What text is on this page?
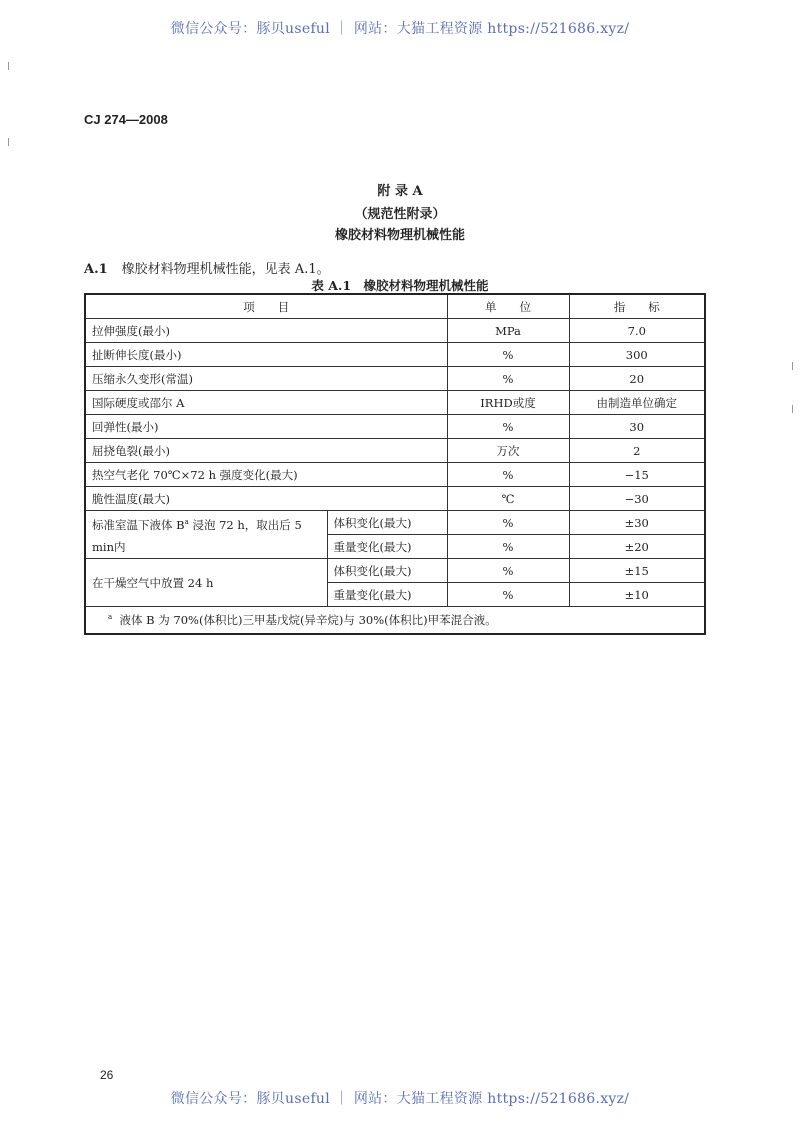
微信公众号：豚贝useful ｜ 网站：大猫工程资源 https://521686.xyz/
CJ 274—2008
附 录 A
（规范性附录）
橡胶材料物理机械性能
A.1 橡胶材料物理机械性能，见表 A.1。
表 A.1　 橡胶材料物理机械性能
项　　目		单　　位	指　　标
拉伸强度(最小)		MPa	7.0
扯断伸长度(最小)		%	300
压缩永久变形(常温)		%	20
国际硬度或邵尔 A		IRHD或度	由制造单位确定
回弹性(最小)		%	30
屈挠龟裂(最小)		万次	2
热空气老化 70℃×72 h 强度变化(最大)		%	−15
脆性温度(最大)		℃	−30
标准室温下液体 $B^a$ 浸泡 72 h，取出后 5 min内	体积变化(最大)	%	±30
	重量变化(最大)	%	±20
在干燥空气中放置 24 h	体积变化(最大)	%	±15
	重量变化(最大)	%	±10
$^a$ 液体 B 为 70%(体积比)三甲基戊烷(异辛烷)与 30%(体积比)甲苯混合液。			
26
微信公众号：豚贝useful ｜ 网站：大猫工程资源 https://521686.xyz/
